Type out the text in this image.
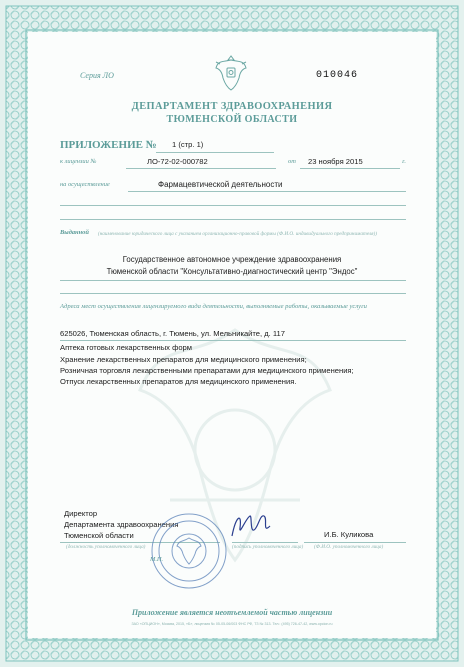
Серия ЛО	010046
ДЕПАРТАМЕНТ ЗДРАВООХРАНЕНИЯ
ТЮМЕНСКОЙ ОБЛАСТИ
ПРИЛОЖЕНИЕ № 1 (стр. 1)
к лицензии №	ЛО-72-02-000782	от 23 ноября 2015	г.
на осуществление	Фармацевтической деятельности
Выданной	(наименование юридического лица с указанием организационно-правовой формы (Ф.И.О. индивидуального предпринимателя))
Государственное автономное учреждение здравоохранения
Тюменской области "Консультативно-диагностический центр "Эндос"
Адреса мест осуществления лицензируемого вида деятельности, выполняемые работы, оказываемые услуги
625026, Тюменская область, г. Тюмень, ул. Мельникайте, д. 117
Аптека готовых лекарственных форм
Хранение лекарственных препаратов для медицинского применения;
Розничная торговля лекарственными препаратами для медицинского применения;
Отпуск лекарственных препаратов для медицинского применения.
Директор
Департамента здравоохранения
Тюменской области
(должность уполномоченного лица)	(подпись уполномоченного лица)
И.Б. Куликова
(Ф.И.О. уполномоченного лица)
М.П.
Приложение является неотъемлемой частью лицензии
ЗАО «ОПЦИОН», Москва, 2015, «Б», лицензия № 05-05-06/003 ФНС РФ, ТЗ № 313. Тел.: (495) 726-47-42, www.opcion.ru
